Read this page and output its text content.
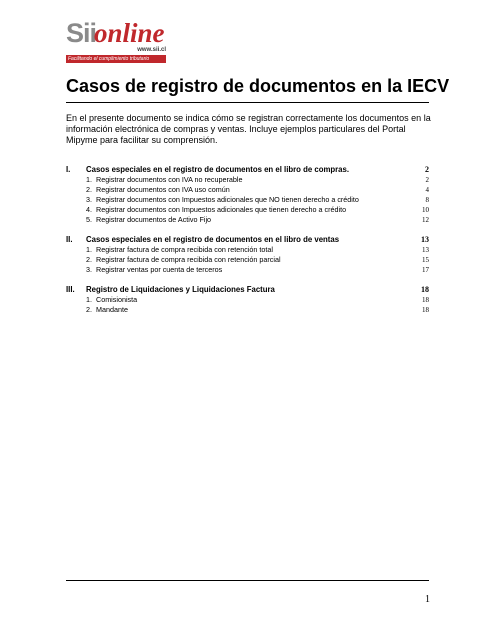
Siionline
www.sii.cl
Facilitando el cumplimiento tributario
Casos de registro de documentos en la IECV

En el presente documento se indica cómo se registran correctamente los documentos en la información electrónica de compras y ventas. Incluye ejemplos particulares del Portal Mipyme para facilitar su comprensión.

I.	Casos especiales en el registro de documentos en el libro de compras.	2
1. Registrar documentos con IVA no recuperable	2
2. Registrar documentos con IVA uso común	4
3. Registrar documentos con Impuestos adicionales que NO tienen derecho a crédito	8
4. Registrar documentos con Impuestos adicionales que tienen derecho a crédito	10
5. Registrar documentos de Activo Fijo	12
II.	Casos especiales en el registro de documentos en el libro de ventas	13
1. Registrar factura de compra recibida con retención total	13
2. Registrar factura de compra recibida con retención parcial	15
3. Registrar ventas por cuenta de terceros	17
III.	Registro de Liquidaciones y Liquidaciones Factura	18
1. Comisionista	18
2. Mandante	18
1
